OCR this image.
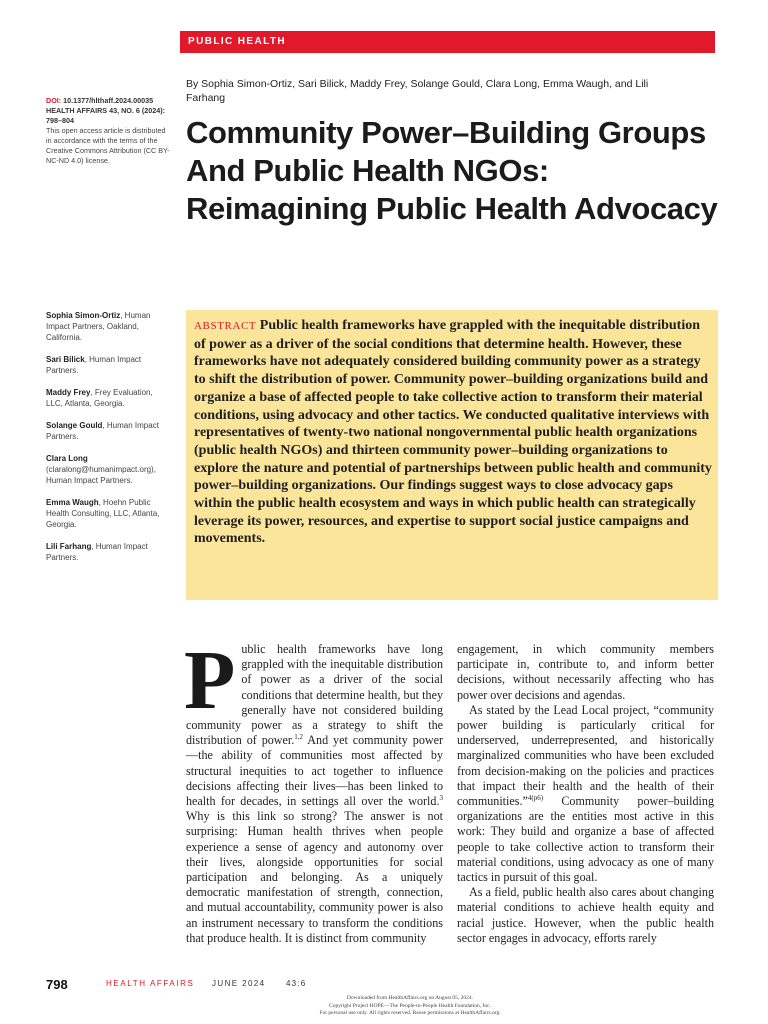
PUBLIC HEALTH
By Sophia Simon-Ortiz, Sari Bilick, Maddy Frey, Solange Gould, Clara Long, Emma Waugh, and Lili Farhang
Community Power–Building Groups And Public Health NGOs: Reimagining Public Health Advocacy
DOI: 10.1377/hlthaff.2024.00035
HEALTH AFFAIRS 43, NO. 6 (2024): 798–804
This open access article is distributed in accordance with the terms of the Creative Commons Attribution (CC BY-NC-ND 4.0) license.
Sophia Simon-Ortiz, Human Impact Partners, Oakland, California.
Sari Bilick, Human Impact Partners.
Maddy Frey, Frey Evaluation, LLC, Atlanta, Georgia.
Solange Gould, Human Impact Partners.
Clara Long (claralong@humanimpact.org), Human Impact Partners.
Emma Waugh, Hoehn Public Health Consulting, LLC, Atlanta, Georgia.
Lili Farhang, Human Impact Partners.

ABSTRACT Public health frameworks have grappled with the inequitable distribution of power as a driver of the social conditions that determine health. However, these frameworks have not adequately considered building community power as a strategy to shift the distribution of power. Community power–building organizations build and organize a base of affected people to take collective action to transform their material conditions, using advocacy and other tactics. We conducted qualitative interviews with representatives of twenty-two national nongovernmental public health organizations (public health NGOs) and thirteen community power–building organizations to explore the nature and potential of partnerships between public health and community power–building organizations. Our findings suggest ways to close advocacy gaps within the public health ecosystem and ways in which public health can strategically leverage its power, resources, and expertise to support social justice campaigns and movements.

Public health frameworks have long grappled with the inequitable distribution of power as a driver of the social conditions that determine health, but they generally have not considered building community power as a strategy to shift the distribution of power.$^{1,2}$ And yet community power—the ability of communities most affected by structural inequities to act together to influence decisions affecting their lives—has been linked to health for decades, in settings all over the world.$^3$ Why is this link so strong? The answer is not surprising: Human health thrives when people experience a sense of agency and autonomy over their lives, alongside opportunities for social participation and belonging. As a uniquely democratic manifestation of strength, connection, and mutual accountability, community power is also an instrument necessary to transform the conditions that produce health. It is distinct from community

engagement, in which community members participate in, contribute to, and inform better decisions, without necessarily affecting who has power over decisions and agendas.

As stated by the Lead Local project, “community power building is particularly critical for underserved, underrepresented, and historically marginalized communities who have been excluded from decision-making on the policies and practices that impact their health and the health of their communities.”$^{4(p6)}$ Community power–building organizations are the entities most active in this work: They build and organize a base of affected people to take collective action to transform their material conditions, using advocacy as one of many tactics in pursuit of this goal.

As a field, public health also cares about changing material conditions to achieve health equity and racial justice. However, when the public health sector engages in advocacy, efforts rarely

798	HEALTH AFFAIRS JUNE 2024	43:6
Downloaded from HealthAffairs.org on August 05, 2024.
Copyright Project HOPE—The People-to-People Health Foundation, Inc.
For personal use only. All rights reserved. Reuse permissions at HealthAffairs.org.
